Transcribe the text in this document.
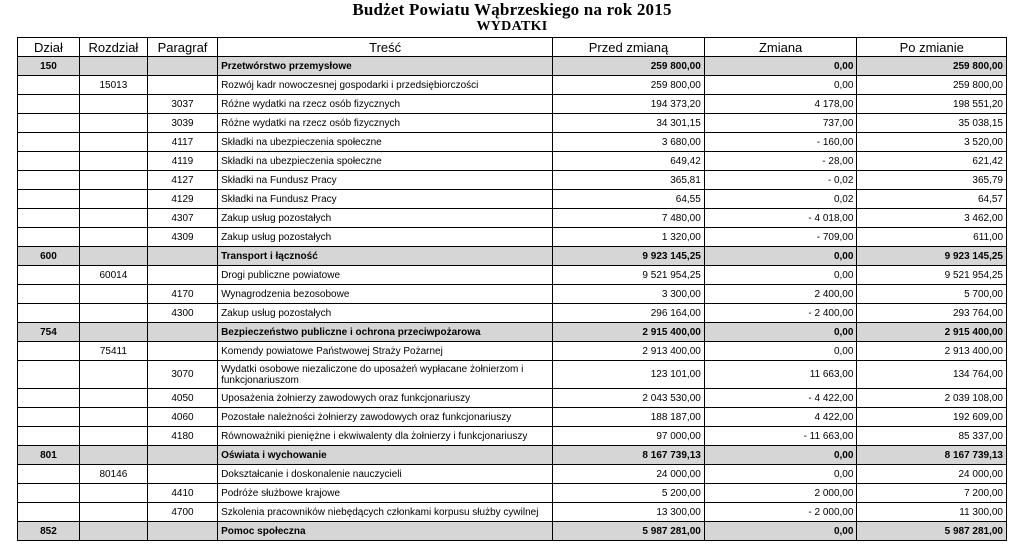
Budżet Powiatu Wąbrzeskiego na rok 2015
WYDATKI
Dział	Rozdział	Paragraf	Treść	Przed zmianą	Zmiana	Po zmianie
150			Przetwórstwo przemysłowe	259 800,00	0,00	259 800,00
	15013		Rozwój kadr nowoczesnej gospodarki i przedsiębiorczości	259 800,00	0,00	259 800,00
		3037	Różne wydatki na rzecz osób fizycznych	194 373,20	4 178,00	198 551,20
		3039	Różne wydatki na rzecz osób fizycznych	34 301,15	737,00	35 038,15
		4117	Składki na ubezpieczenia społeczne	3 680,00	- 160,00	3 520,00
		4119	Składki na ubezpieczenia społeczne	649,42	- 28,00	621,42
		4127	Składki na Fundusz Pracy	365,81	- 0,02	365,79
		4129	Składki na Fundusz Pracy	64,55	0,02	64,57
		4307	Zakup usług pozostałych	7 480,00	- 4 018,00	3 462,00
		4309	Zakup usług pozostałych	1 320,00	- 709,00	611,00
600			Transport i łączność	9 923 145,25	0,00	9 923 145,25
	60014		Drogi publiczne powiatowe	9 521 954,25	0,00	9 521 954,25
		4170	Wynagrodzenia bezosobowe	3 300,00	2 400,00	5 700,00
		4300	Zakup usług pozostałych	296 164,00	- 2 400,00	293 764,00
754			Bezpieczeństwo publiczne i ochrona przeciwpożarowa	2 915 400,00	0,00	2 915 400,00
	75411		Komendy powiatowe Państwowej Straży Pożarnej	2 913 400,00	0,00	2 913 400,00
		3070	Wydatki osobowe niezaliczone do uposażeń wypłacane żołnierzom i funkcjonariuszom	123 101,00	11 663,00	134 764,00
		4050	Uposażenia żołnierzy zawodowych oraz funkcjonariuszy	2 043 530,00	- 4 422,00	2 039 108,00
		4060	Pozostałe należności żołnierzy zawodowych oraz funkcjonariuszy	188 187,00	4 422,00	192 609,00
		4180	Równoważniki pieniężne i ekwiwalenty dla żołnierzy i funkcjonariuszy	97 000,00	- 11 663,00	85 337,00
801			Oświata i wychowanie	8 167 739,13	0,00	8 167 739,13
	80146		Dokształcanie i doskonalenie nauczycieli	24 000,00	0,00	24 000,00
		4410	Podróże służbowe krajowe	5 200,00	2 000,00	7 200,00
		4700	Szkolenia pracowników niebędących członkami korpusu służby cywilnej	13 300,00	- 2 000,00	11 300,00
852			Pomoc społeczna	5 987 281,00	0,00	5 987 281,00
